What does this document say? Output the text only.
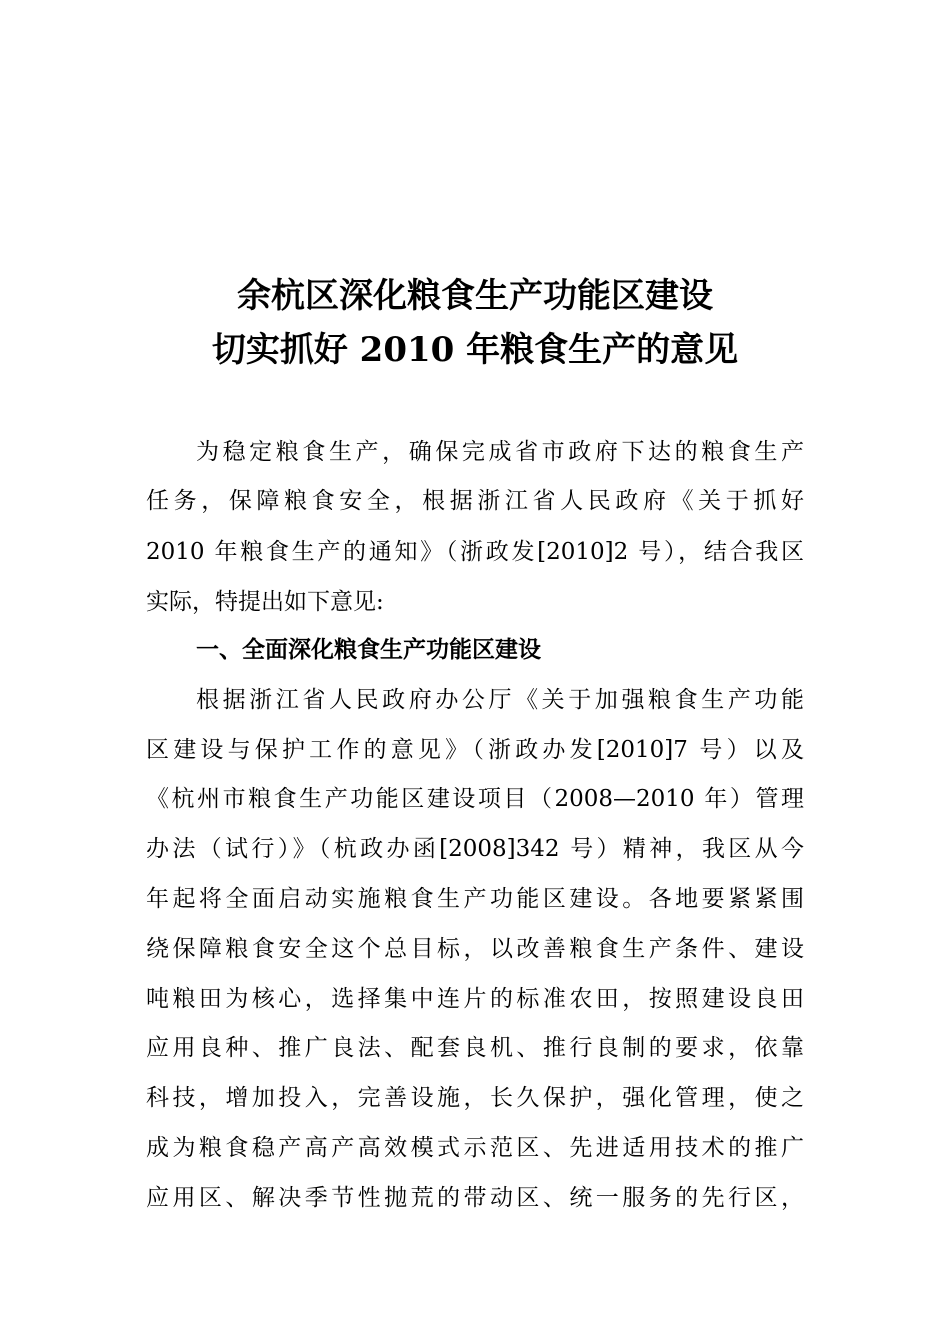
余杭区深化粮食生产功能区建设
切实抓好 2010 年粮食生产的意见
为稳定粮食生产，确保完成省市政府下达的粮食生产
任务，保障粮食安全，根据浙江省人民政府《关于抓好
2010 年粮食生产的通知》（浙政发[2010]2 号），结合我区
实际，特提出如下意见:
一、全面深化粮食生产功能区建设
根据浙江省人民政府办公厅《关于加强粮食生产功能
区建设与保护工作的意见》（浙政办发[2010]7 号）以及
《杭州市粮食生产功能区建设项目（2008—2010 年）管理
办法（试行）》（杭政办函[2008]342 号）精神，我区从今
年起将全面启动实施粮食生产功能区建设。各地要紧紧围
绕保障粮食安全这个总目标，以改善粮食生产条件、建设
吨粮田为核心，选择集中连片的标准农田，按照建设良田
应用良种、推广良法、配套良机、推行良制的要求，依靠
科技，增加投入，完善设施，长久保护，强化管理，使之
成为粮食稳产高产高效模式示范区、先进适用技术的推广
应用区、解决季节性抛荒的带动区、统一服务的先行区，
